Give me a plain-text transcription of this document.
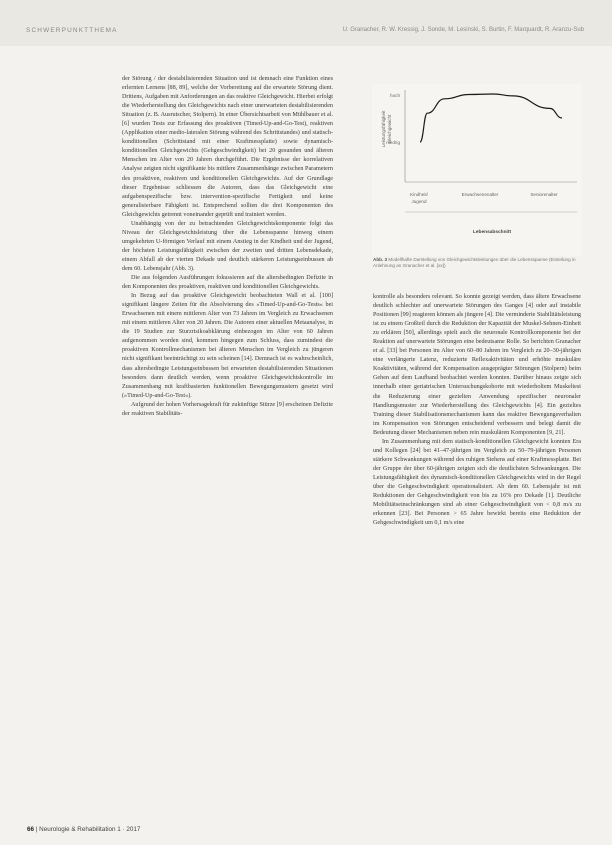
SCHWERPUNKTTHEMA	U. Granacher, R. W. Kressig, J. Sonde, M. Lesinski, S. Burtin, F. Marquardt, R. Aranzu-Sub

der Störung / der destabilisierenden Situation und ist demnach eine Funktion eines erlernten Lernens [88, 89], welche der Vorbereitung auf die erwartete Störung dient. Drittens, Aufgaben mit Anforderungen an das reaktive Gleichgewicht. Hierbei erfolgt die Wiederherstellung des Gleichgewichts nach einer unerwarteten destabilisierenden Situation (z. B. Ausrutscher, Stolpern). In einer Übersichtsarbeit von Mühlbauer et al. [6] wurden Tests zur Erfassung des proaktiven (Timed-Up-and-Go-Test), reaktiven (Applikation einer medio-lateralen Störung während des Schrittstandes) und statisch-konditionellen (Schrittstand mit einer Kraftmessplatte) sowie dynamisch-konditionellen Gleichgewichts (Gehgeschwindigkeit) bei 20 gesunden und älteren Menschen im Alter von 20 Jahren durchgeführt. Die Ergebnisse der korrelativen Analyse zeigten nicht signifikante bis mittlere Zusammenhänge zwischen Parametern des proaktiven, reaktiven und konditionellen Gleichgewichts. Auf der Grundlage dieser Ergebnisse schliessen die Autoren, dass das Gleichgewicht eine aufgabenspezifische bzw. intervention-spezifische Fertigkeit und keine generalisierbare Fähigkeit ist. Entsprechend sollten die drei Komponenten des Gleichgewichts getrennt voneinander geprüft und trainiert werden.

Unabhängig von der zu betrachtenden Gleichgewichtskomponente folgt das Niveau der Gleichgewichtsleistung über die Lebensspanne hinweg einem umgekehrten U-förmigen Verlauf mit einem Anstieg in der Kindheit und der Jugend, der höchsten Leistungsfähigkeit zwischen der zweiten und dritten Lebensdekade, einem Abfall ab der vierten Dekade und deutlich stärkeren Leistungseinbussen ab dem 60. Lebensjahr (Abb. 3).

Die aus folgenden Ausführungen fokussieren auf die altersbedingten Defizite in den Komponenten des proaktiven, reaktiven und konditionellen Gleichgewichts.

In Bezug auf das proaktive Gleichgewicht beobachteten Wall et al. [100] signifikant längere Zeiten für die Absolvierung des »Timed-Up-and-Go-Tests« bei Erwachsenen mit einem mittleren Alter von 73 Jahren im Vergleich zu Erwachsenen mit einem mittleren Alter von 20 Jahren. Die Autoren einer aktuellen Metaanalyse, in die 19 Studien zur Sturzrisikoabklärung einbezogen im Alter von 60 Jahren aufgenommen worden sind, kommen hingegen zum Schluss, dass zumindest die proaktiven Kontrollmechanismen bei älteren Menschen im Vergleich zu jüngeren nicht signifikant beeinträchtigt zu sein scheinen [14]. Demnach ist es wahrscheinlich, dass altersbedingte Leistungseinbussen bei erwarteten destabilisierenden Situationen besonders dann deutlich werden, wenn proaktive Gleichgewichtskontrolle im Zusammenhang mit kraftbasierten funktionellen Bewegungsmustern gesetzt wird (»Timed-Up-and-Go-Test«).

Aufgrund der hohen Vorhersagekraft für zukünftige Stürze [9] erscheinen Defizite der reaktiven Stabilitäts-

Leistungsfähigkeit Gleichgewicht
hoch
niedrig
Kindheit/
Jugend
Erwachsenenalter	Seniorenalter
Lebensabschnitt
Abb. 3 Modellhafte Darstellung von Gleichgewichtsleistungen über die Lebensspanne (Einteilung in Anlehnung an Granacher et al. [xx])

kontrolle als besonders relevant. So konnte gezeigt werden, dass ältere Erwachsene deutlich schlechter auf unerwartete Störungen des Ganges [4] oder auf instabile Positionen [99] reagieren können als jüngere [4]. Die verminderte Stabilitätsleistung ist zu einem Großteil durch die Reduktion der Kapazität der Muskel-Sehnen-Einheit zu erklären [50], allerdings spielt auch die neuronale Kontrollkomponente bei der Reaktion auf unerwartete Störungen eine bedeutsame Rolle. So berichten Granacher et al. [33] bei Personen im Alter von 60–80 Jahren im Vergleich zu 20–30-jährigen eine verlängerte Latenz, reduzierte Reflexaktivitäten und erhöhte muskuläre Koaktivitäten, während der Kompensation ausgeprägter Störungen (Stolpern) beim Gehen auf dem Laufband beobachtet werden konnten. Darüber hinaus zeigte sich innerhalb einer geriatrischen Untersuchungskohorte mit wiederholtem Muskeltest die Reduzierung einer gezielten Anwendung spezifischer neuronaler Handlungsmuster zur Wiederherstellung des Gleichgewichts [4]. Ein gezieltes Training dieser Stabilisationsmechanismen kann das reaktive Bewegungsverhalten im Kompensation von Störungen entscheidend verbessern und belegt damit die Bedeutung dieser Mechanismen neben rein muskulären Komponenten [9, 21].

Im Zusammenhang mit dem statisch-konditionellen Gleichgewicht konnten Era und Kollegen [24] bei 41–47-jährigen im Vergleich zu 50–79-jährigen Personen stärkere Schwankungen während des ruhigen Stehens auf einer Kraftmessplatte. Bei der Gruppe der über 60-jährigen zeigten sich die deutlichsten Schwankungen. Die Leistungsfähigkeit des dynamisch-konditionellen Gleichgewichts wird in der Regel über die Gehgeschwindigkeit operationalisiert. Ab dem 60. Lebensjahr ist mit Reduktionen der Gehgeschwindigkeit von bis zu 16% pro Dekade [1]. Deutliche Mobilitätseinschränkungen sind ab einer Gehgeschwindigkeit von < 0,8 m/s zu erkennen [23]. Bei Personen > 65 Jahre bewirkt bereits eine Reduktion der Gehgeschwindigkeit um 0,1 m/s eine

66 | Neurologie & Rehabilitation 1 · 2017
